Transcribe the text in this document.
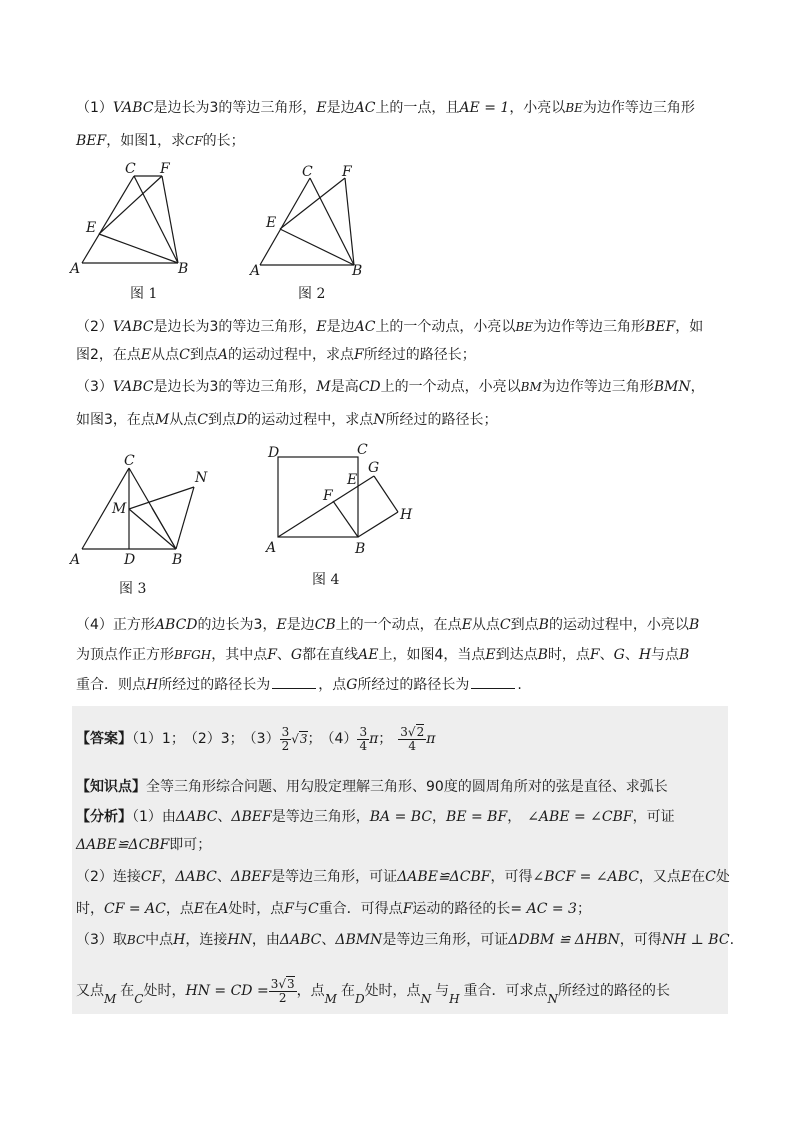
（1）VABC是边长为3的等边三角形，E是边AC上的一点，且AE = 1，小亮以BE为边作等边三角形
BEF，如图1，求CF的长；
A	B
C
E
F
图 1
A	B
C
E
F
图 2
（2）VABC是边长为3的等边三角形，E是边AC上的一个动点，小亮以BE为边作等边三角形BEF，如
图2，在点E从点C到点A的运动过程中，求点F所经过的路径长；
（3）VABC是边长为3的等边三角形，M是高CD上的一个动点，小亮以BM为边作等边三角形BMN，
如图3，在点M从点C到点D的运动过程中，求点N所经过的路径长；
A	B
C
D
M
N
图 3
A	B
C
D
E
F
G
H
图 4
（4）正方形ABCD的边长为3，E是边CB上的一个动点，在点E从点C到点B的运动过程中，小亮以B
为顶点作正方形BFGH，其中点F、G都在直线AE上，如图4，当点E到达点B时，点F、G、H与点B
重合．则点H所经过的路径长为	，点G所经过的路径长为	.
【答案】（1）1； （2）3； $(3) \frac{3}{2} √3$； $(4) \frac{3}{4}$ π； $\frac{3√2}{4}$ π
【知识点】全等三角形综合问题、用勾股定理解三角形、90度的圆周角所对的弦是直径、求弧长
【分析】（1）由ΔABC、ΔBEF是等边三角形，BA = BC，BE = BF， ∠ABE = ∠CBF，可证
ΔABE≌ΔCBF即可；
（2）连接CF，ΔABC、ΔBEF是等边三角形，可证ΔABE≌ΔCBF，可得∠BCF = ∠ABC，又点E在C处
时，CF = AC，点E在A处时，点F与C重合．可得点F运动的路径的长= AC = 3；
（3）取BC中点H，连接HN，由ΔABC、ΔBMN是等边三角形，可证ΔDBM ≌ ΔHBN，可得NH ⊥ BC.
又点M 在C处时，HN = CD = $\frac{3√3}{2}$ ，点M 在D处时，点N 与H 重合．可求点N所经过的路径的长
